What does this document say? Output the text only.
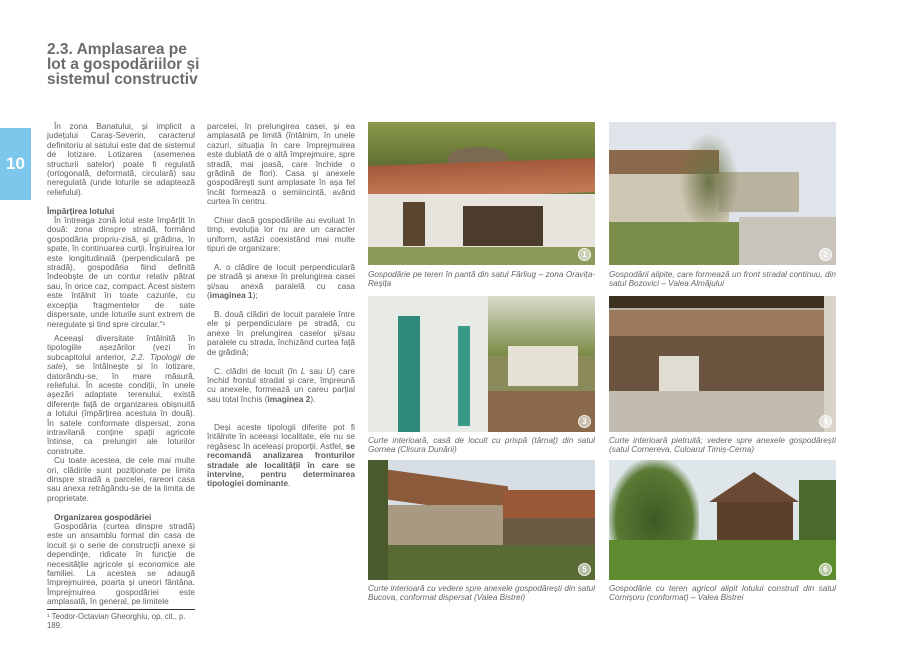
2.3. Amplasarea pe lot a gospodăriilor și sistemul constructiv
10

În zona Banatului, și implicit a județului Caraș-Severin, caracterul definitoriu al satului este dat de sistemul de lotizare. Lotizarea (asemenea structurii satelor) poate fi regulată (ortogonală, deformată, circulară) sau neregulată (unde loturile se adaptează reliefului).

Împărțirea lotului

În întreaga zonă lotul este împărțit în două: zona dinspre stradă, formând gospodăria propriu-zisă, și grădina, în spate, în continuarea curții. Înșiruirea lor este longitudinală (perpendiculară pe stradă), gospodăria fiind definită îndeobște de un contur relativ pătrat sau, în orice caz, compact. Acest sistem este întâlnit în toate cazurile, cu excepția fragmentelor de sate dispersate, unde loturile sunt extrem de neregulate și tind spre circular."¹

Aceeași diversitate întâlnită în tipologiile așezărilor (vezi în subcapitolul anterior, 2.2. Tipologii de sate), se întâlnește și în lotizare, datorându-se, în mare măsură, reliefului. În aceste condiții, în unele așezări adaptate terenului, există diferențe față de organizarea obișnuită a lotului (împărțirea acestuia în două). În satele conformate dispersat, zona intravilană conține spații agricole întinse, ca prelungiri ale loturilor construite.

Cu toate acestea, de cele mai multe ori, clădirile sunt poziționate pe limita dinspre stradă a parcelei, rareori casa sau anexa retrăgându-se de la limita de proprietate.

Organizarea gospodăriei

Gospodăria (curtea dinspre stradă) este un ansamblu format din casa de locuit și o serie de construcții anexe și dependințe, ridicate în funcție de necesitățile agricole și economice ale familiei. La acestea se adaugă împrejmuirea, poarta și uneori fântâna. Împrejmuirea gospodăriei este amplasată, în general, pe limitele

¹ Teodor-Octavian Gheorghiu, op. cit., p. 189.

parcelei, în prelungirea casei, și ea amplasată pe limită (întâlnim, în unele cazuri, situația în care împrejmuirea este dublată de o altă împrejmuire, spre stradă, mai joasă, care închide o grădină de flori). Casa și anexele gospodărești sunt amplasate în așa fel încât formează o semiincintă, având curtea în centru.

Chiar dacă gospodăriile au evoluat în timp, evoluția lor nu are un caracter uniform, astăzi coexistând mai multe tipuri de organizare:

A. o clădire de locuit perpendiculară pe stradă și anexe în prelungirea casei și/sau anexă paralelă cu casa (imaginea 1);

B. două clădiri de locuit paralele între ele și perpendiculare pe stradă, cu anexe în prelungirea caselor și/sau paralele cu strada, închizând curtea față de grădină;

C. clădiri de locuit (în L sau U) care închid frontul stradal și care, împreună cu anexele, formează un careu parțial sau total închis (imaginea 2).

Deși aceste tipologii diferite pot fi întâlnite în aceeași localitate, ele nu se regăsesc în aceleași proporții. Astfel, se recomandă analizarea fronturilor stradale ale localității în care se intervine, pentru determinarea tipologiei dominante.

1
Gospodărie pe teren în pantă din satul Fârliug – zona Oravița-Reșița
2
Gospodării alipite, care formează un front stradal continuu, din satul Bozovici – Valea Almăjului
3
Curte interioară, casă de locuit cu prispă (târnaț) din satul Gornea (Clisura Dunării)
4
Curte interioară pietruită; vedere spre anexele gospodărești (satul Cornereva, Culoarul Timiș-Cerna)
5
Curte interioară cu vedere spre anexele gospodărești din satul Bucova, conformat dispersat (Valea Bistrei)
6
Gospodărie cu teren agricol alipit lotului construit din satul Cornișoru (conformat) – Valea Bistrei
